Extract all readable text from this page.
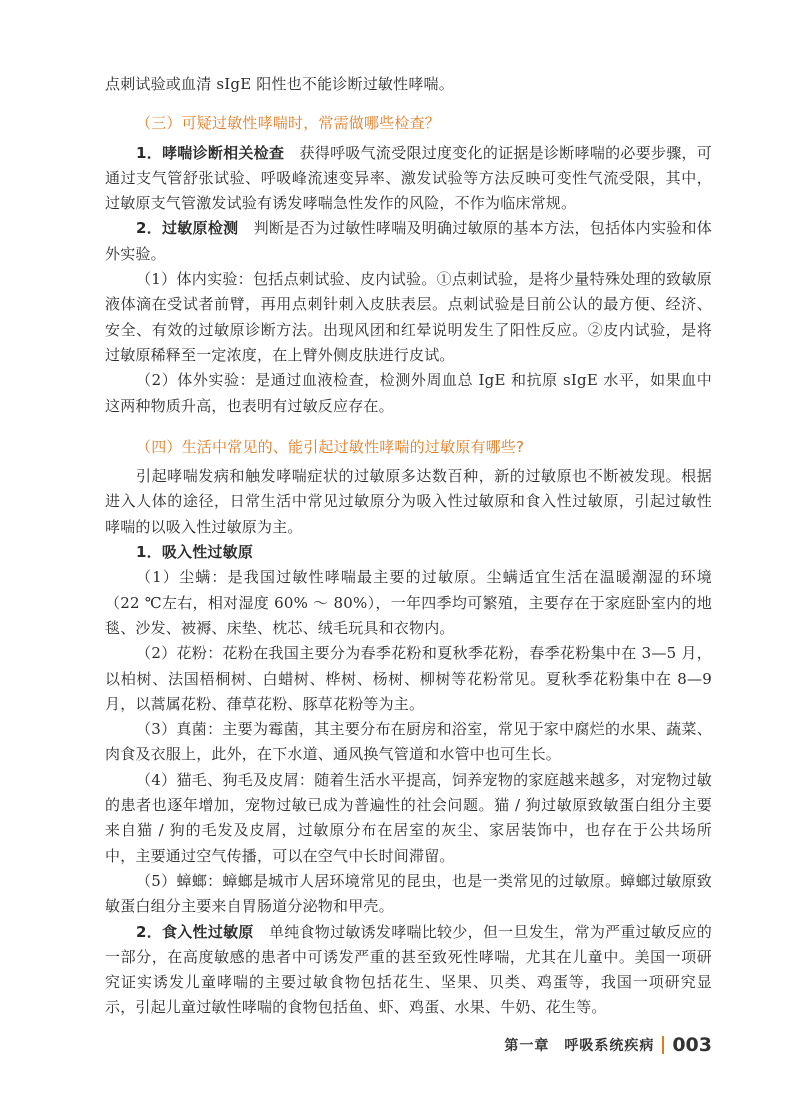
点刺试验或血清 sIgE 阳性也不能诊断过敏性哮喘。

（三）可疑过敏性哮喘时，常需做哪些检查？

1．哮喘诊断相关检查　获得呼吸气流受限过度变化的证据是诊断哮喘的必要步骤，可通过支气管舒张试验、呼吸峰流速变异率、激发试验等方法反映可变性气流受限，其中，过敏原支气管激发试验有诱发哮喘急性发作的风险，不作为临床常规。

2．过敏原检测　判断是否为过敏性哮喘及明确过敏原的基本方法，包括体内实验和体外实验。

（1）体内实验：包括点刺试验、皮内试验。①点刺试验，是将少量特殊处理的致敏原液体滴在受试者前臂，再用点刺针刺入皮肤表层。点刺试验是目前公认的最方便、经济、安全、有效的过敏原诊断方法。出现风团和红晕说明发生了阳性反应。②皮内试验，是将过敏原稀释至一定浓度，在上臂外侧皮肤进行皮试。

（2）体外实验：是通过血液检查，检测外周血总 IgE 和抗原 sIgE 水平，如果血中这两种物质升高，也表明有过敏反应存在。

（四）生活中常见的、能引起过敏性哮喘的过敏原有哪些?

引起哮喘发病和触发哮喘症状的过敏原多达数百种，新的过敏原也不断被发现。根据进入人体的途径，日常生活中常见过敏原分为吸入性过敏原和食入性过敏原，引起过敏性哮喘的以吸入性过敏原为主。

1．吸入性过敏原

（1）尘螨：是我国过敏性哮喘最主要的过敏原。尘螨适宜生活在温暖潮湿的环境（22 ℃左右，相对湿度 60% ～ 80%），一年四季均可繁殖，主要存在于家庭卧室内的地毯、沙发、被褥、床垫、枕芯、绒毛玩具和衣物内。

（2）花粉：花粉在我国主要分为春季花粉和夏秋季花粉，春季花粉集中在 3—5 月，以柏树、法国梧桐树、白蜡树、桦树、杨树、柳树等花粉常见。夏秋季花粉集中在 8—9 月，以蒿属花粉、葎草花粉、豚草花粉等为主。

（3）真菌：主要为霉菌，其主要分布在厨房和浴室，常见于家中腐烂的水果、蔬菜、肉食及衣服上，此外，在下水道、通风换气管道和水管中也可生长。

（4）猫毛、狗毛及皮屑：随着生活水平提高，饲养宠物的家庭越来越多，对宠物过敏的患者也逐年增加，宠物过敏已成为普遍性的社会问题。猫 / 狗过敏原致敏蛋白组分主要来自猫 / 狗的毛发及皮屑，过敏原分布在居室的灰尘、家居装饰中，也存在于公共场所中，主要通过空气传播，可以在空气中长时间滞留。

（5）蟑螂：蟑螂是城市人居环境常见的昆虫，也是一类常见的过敏原。蟑螂过敏原致敏蛋白组分主要来自胃肠道分泌物和甲壳。

2．食入性过敏原　单纯食物过敏诱发哮喘比较少，但一旦发生，常为严重过敏反应的一部分，在高度敏感的患者中可诱发严重的甚至致死性哮喘，尤其在儿童中。美国一项研究证实诱发儿童哮喘的主要过敏食物包括花生、坚果、贝类、鸡蛋等，我国一项研究显示，引起儿童过敏性哮喘的食物包括鱼、虾、鸡蛋、水果、牛奶、花生等。

第一章　呼吸系统疾病 003
